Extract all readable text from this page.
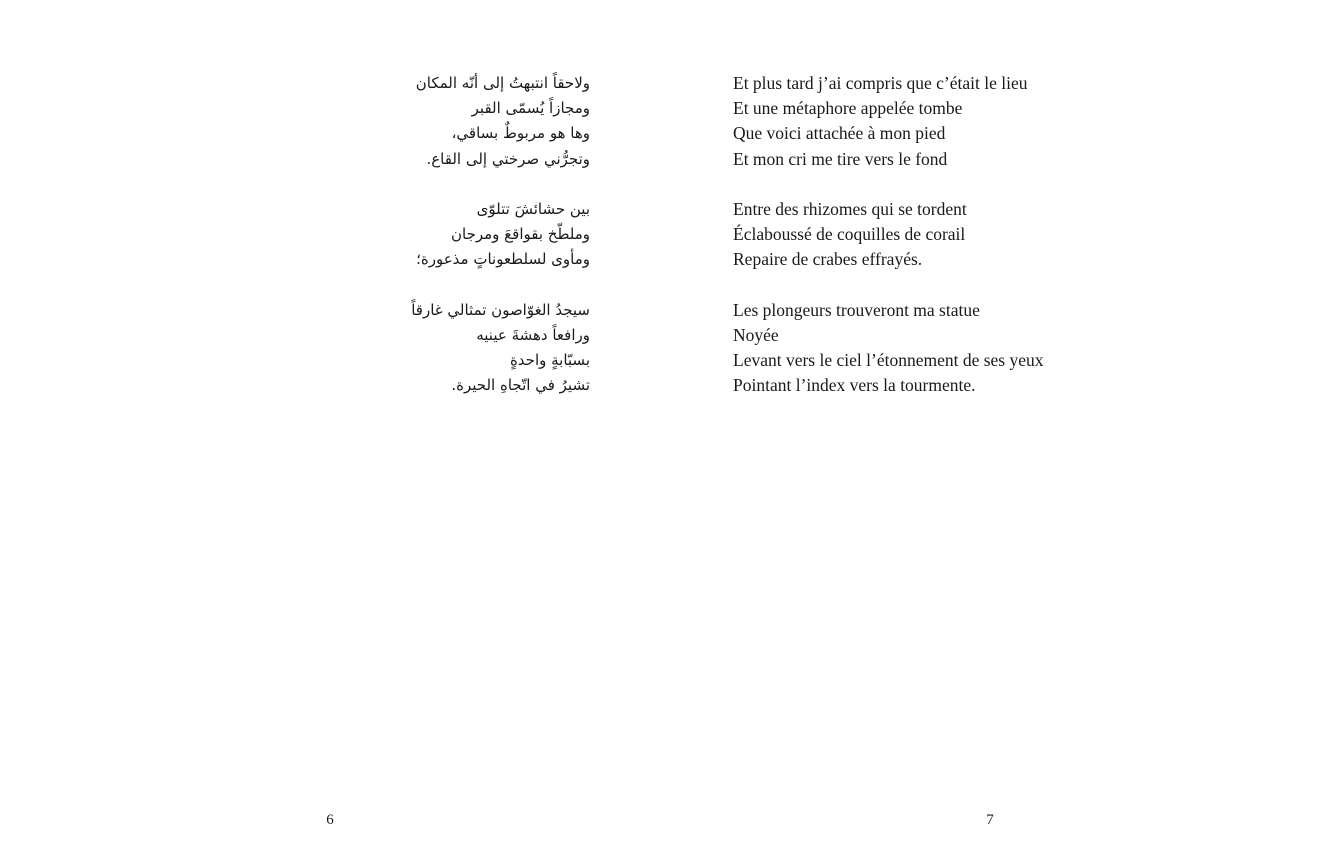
ولاحقاً انتبهتُ إلى أنّه المكان
ومجازاً يُسمّى القبر
وها هو مربوطٌ بساقي،
وتجرُّني صرختي إلى القاع.

بين حشائشَ تتلوّى
وملطّخ بقواقعَ ومرجان
ومأوى لسلطعوناتٍ مذعورة؛

سيجدُ الغوّاصون تمثالي غارقاً
ورافعاً دهشةَ عينيه
بسبّابةٍ واحدةٍ
تشيرُ في اتّجاهِ الحيرة.

Et plus tard j’ai compris que c’était le lieu
Et une métaphore appelée tombe
Que voici attachée à mon pied
Et mon cri me tire vers le fond

Entre des rhizomes qui se tordent
Éclaboussé de coquilles de corail
Repaire de crabes effrayés.

Les plongeurs trouveront ma statue
Noyée
Levant vers le ciel l’étonnement de ses yeux
Pointant l’index vers la tourmente.

6	7
